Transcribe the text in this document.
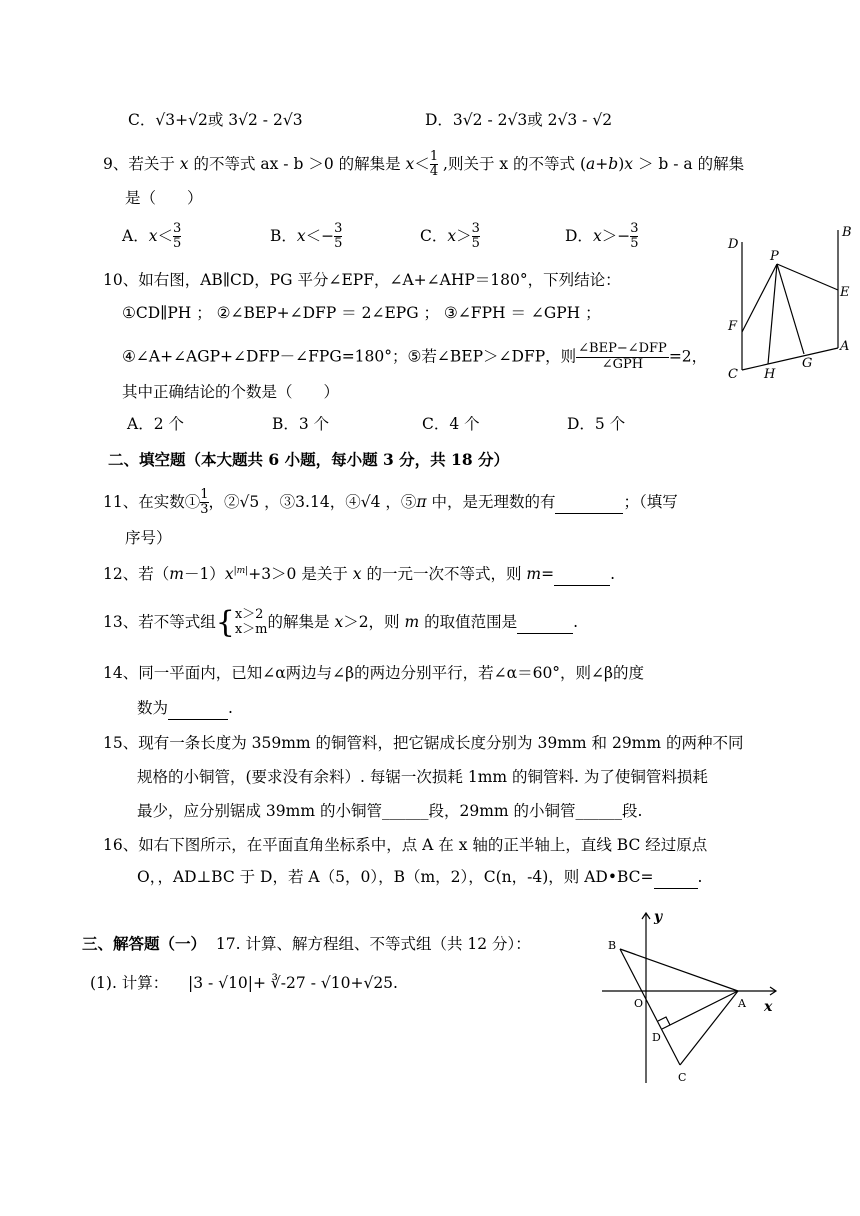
C．√3+√2或 3√2 - 2√3	D．3√2 - 2√3或 2√3 - √2
9、若关于 x 的不等式 ax - b ＞0 的解集是 $x< \frac{1}{4}$ ,则关于 x 的不等式 (a+b)x ＞ b - a 的解集
是（　　）
A．$x< \frac{3}{5}$	B．$x<- \frac{3}{5}$	C．$x> \frac{3}{5}$	D．$x>- \frac{3}{5}$
10、如右图，AB∥CD，PG 平分∠EPF，∠A+∠AHP＝180°，下列结论：
①CD∥PH ； ②∠BEP+∠DFP ＝ 2∠EPG ； ③∠FPH ＝ ∠GPH ；
④∠A+∠AGP+∠DFP－∠FPG=180°；⑤若∠BEP＞∠DFP，则 ∠BEP−∠DFP
∠GPH	=2，
其中正确结论的个数是（　　）
A．2 个	B．3 个	C．4 个	D．5 个
D
B
P
E
F
A
C H
G
二、填空题（本大题共 6 小题，每小题 3 分，共 18 分）
11、在实数① $\frac{1}{3}$ ，②√5 ，③3.14，④√4 ，⑤π 中，是无理数的有	；（填写
序号）
12、若$(m-1)x^{|m|}+3>0$ 是关于 x 的一元一次不等式，则 m=	.
13、若不等式组{ x＞2
x＞m 的解集是 x＞2，则 m 的取值范围是	.
14、同一平面内，已知∠α两边与∠β的两边分别平行，若∠α＝60°，则∠β的度
数为	.
15、现有一条长度为 359mm 的铜管料，把它锯成长度分别为 39mm 和 29mm 的两种不同
规格的小铜管，(要求没有余料）. 每锯一次损耗 1mm 的铜管料. 为了使铜管料损耗
最少，应分别锯成 39mm 的小铜管______段，29mm 的小铜管______段.
16、如右下图所示，在平面直角坐标系中，点 A 在 x 轴的正半轴上，直线 BC 经过原点
O，，AD⊥BC 于 D，若 A（5，0），B（m，2），C(n，-4)，则 AD•BC=	.
三、解答题（一） 17. 计算、解方程组、不等式组（共 12 分）：
(1). 计算：    |3 - √10|+ ∛-27 - √10+√25.
y
B
O	A x
D
C
